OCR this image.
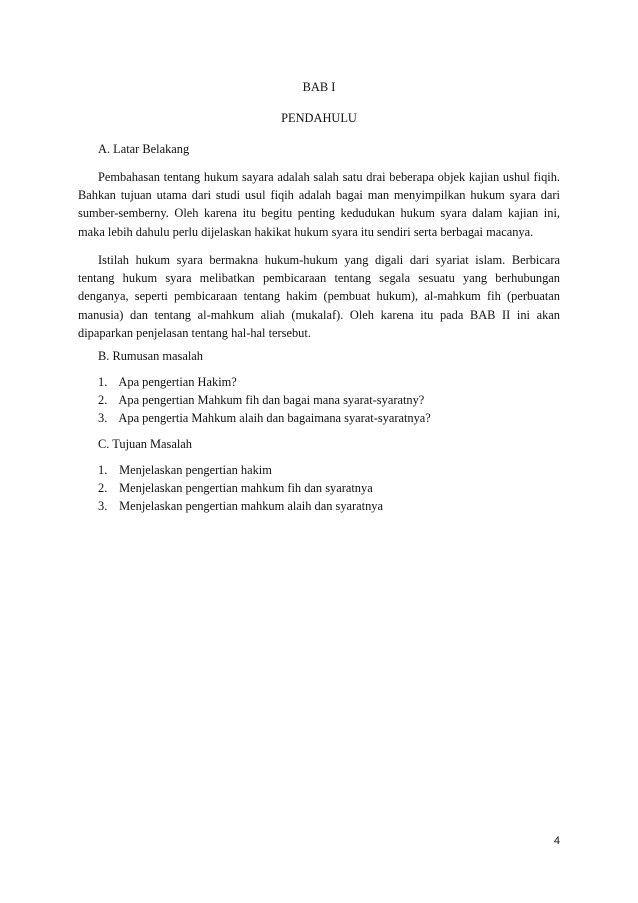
BAB I
PENDAHULU
A. Latar Belakang

Pembahasan tentang hukum sayara adalah salah satu drai beberapa objek kajian ushul fiqih. Bahkan tujuan utama dari studi usul fiqih adalah bagai man menyimpilkan hukum syara dari sumber-semberny. Oleh karena itu begitu penting kedudukan hukum syara dalam kajian ini, maka lebih dahulu perlu dijelaskan hakikat hukum syara itu sendiri serta berbagai macanya.

Istilah hukum syara bermakna hukum-hukum yang digali dari syariat islam. Berbicara tentang hukum syara melibatkan pembicaraan tentang segala sesuatu yang berhubungan denganya, seperti pembicaraan tentang hakim (pembuat hukum), al-mahkum fih (perbuatan manusia) dan tentang al-mahkum aliah (mukalaf). Oleh karena itu pada BAB II ini akan dipaparkan penjelasan tentang hal-hal tersebut.

B. Rumusan masalah
1. Apa pengertian Hakim?
2. Apa pengertian Mahkum fih dan bagai mana syarat-syaratny?
3. Apa pengertia Mahkum alaih dan bagaimana syarat-syaratnya?
C. Tujuan Masalah
1. Menjelaskan pengertian hakim
2. Menjelaskan pengertian mahkum fih dan syaratnya
3. Menjelaskan pengertian mahkum alaih dan syaratnya
4
